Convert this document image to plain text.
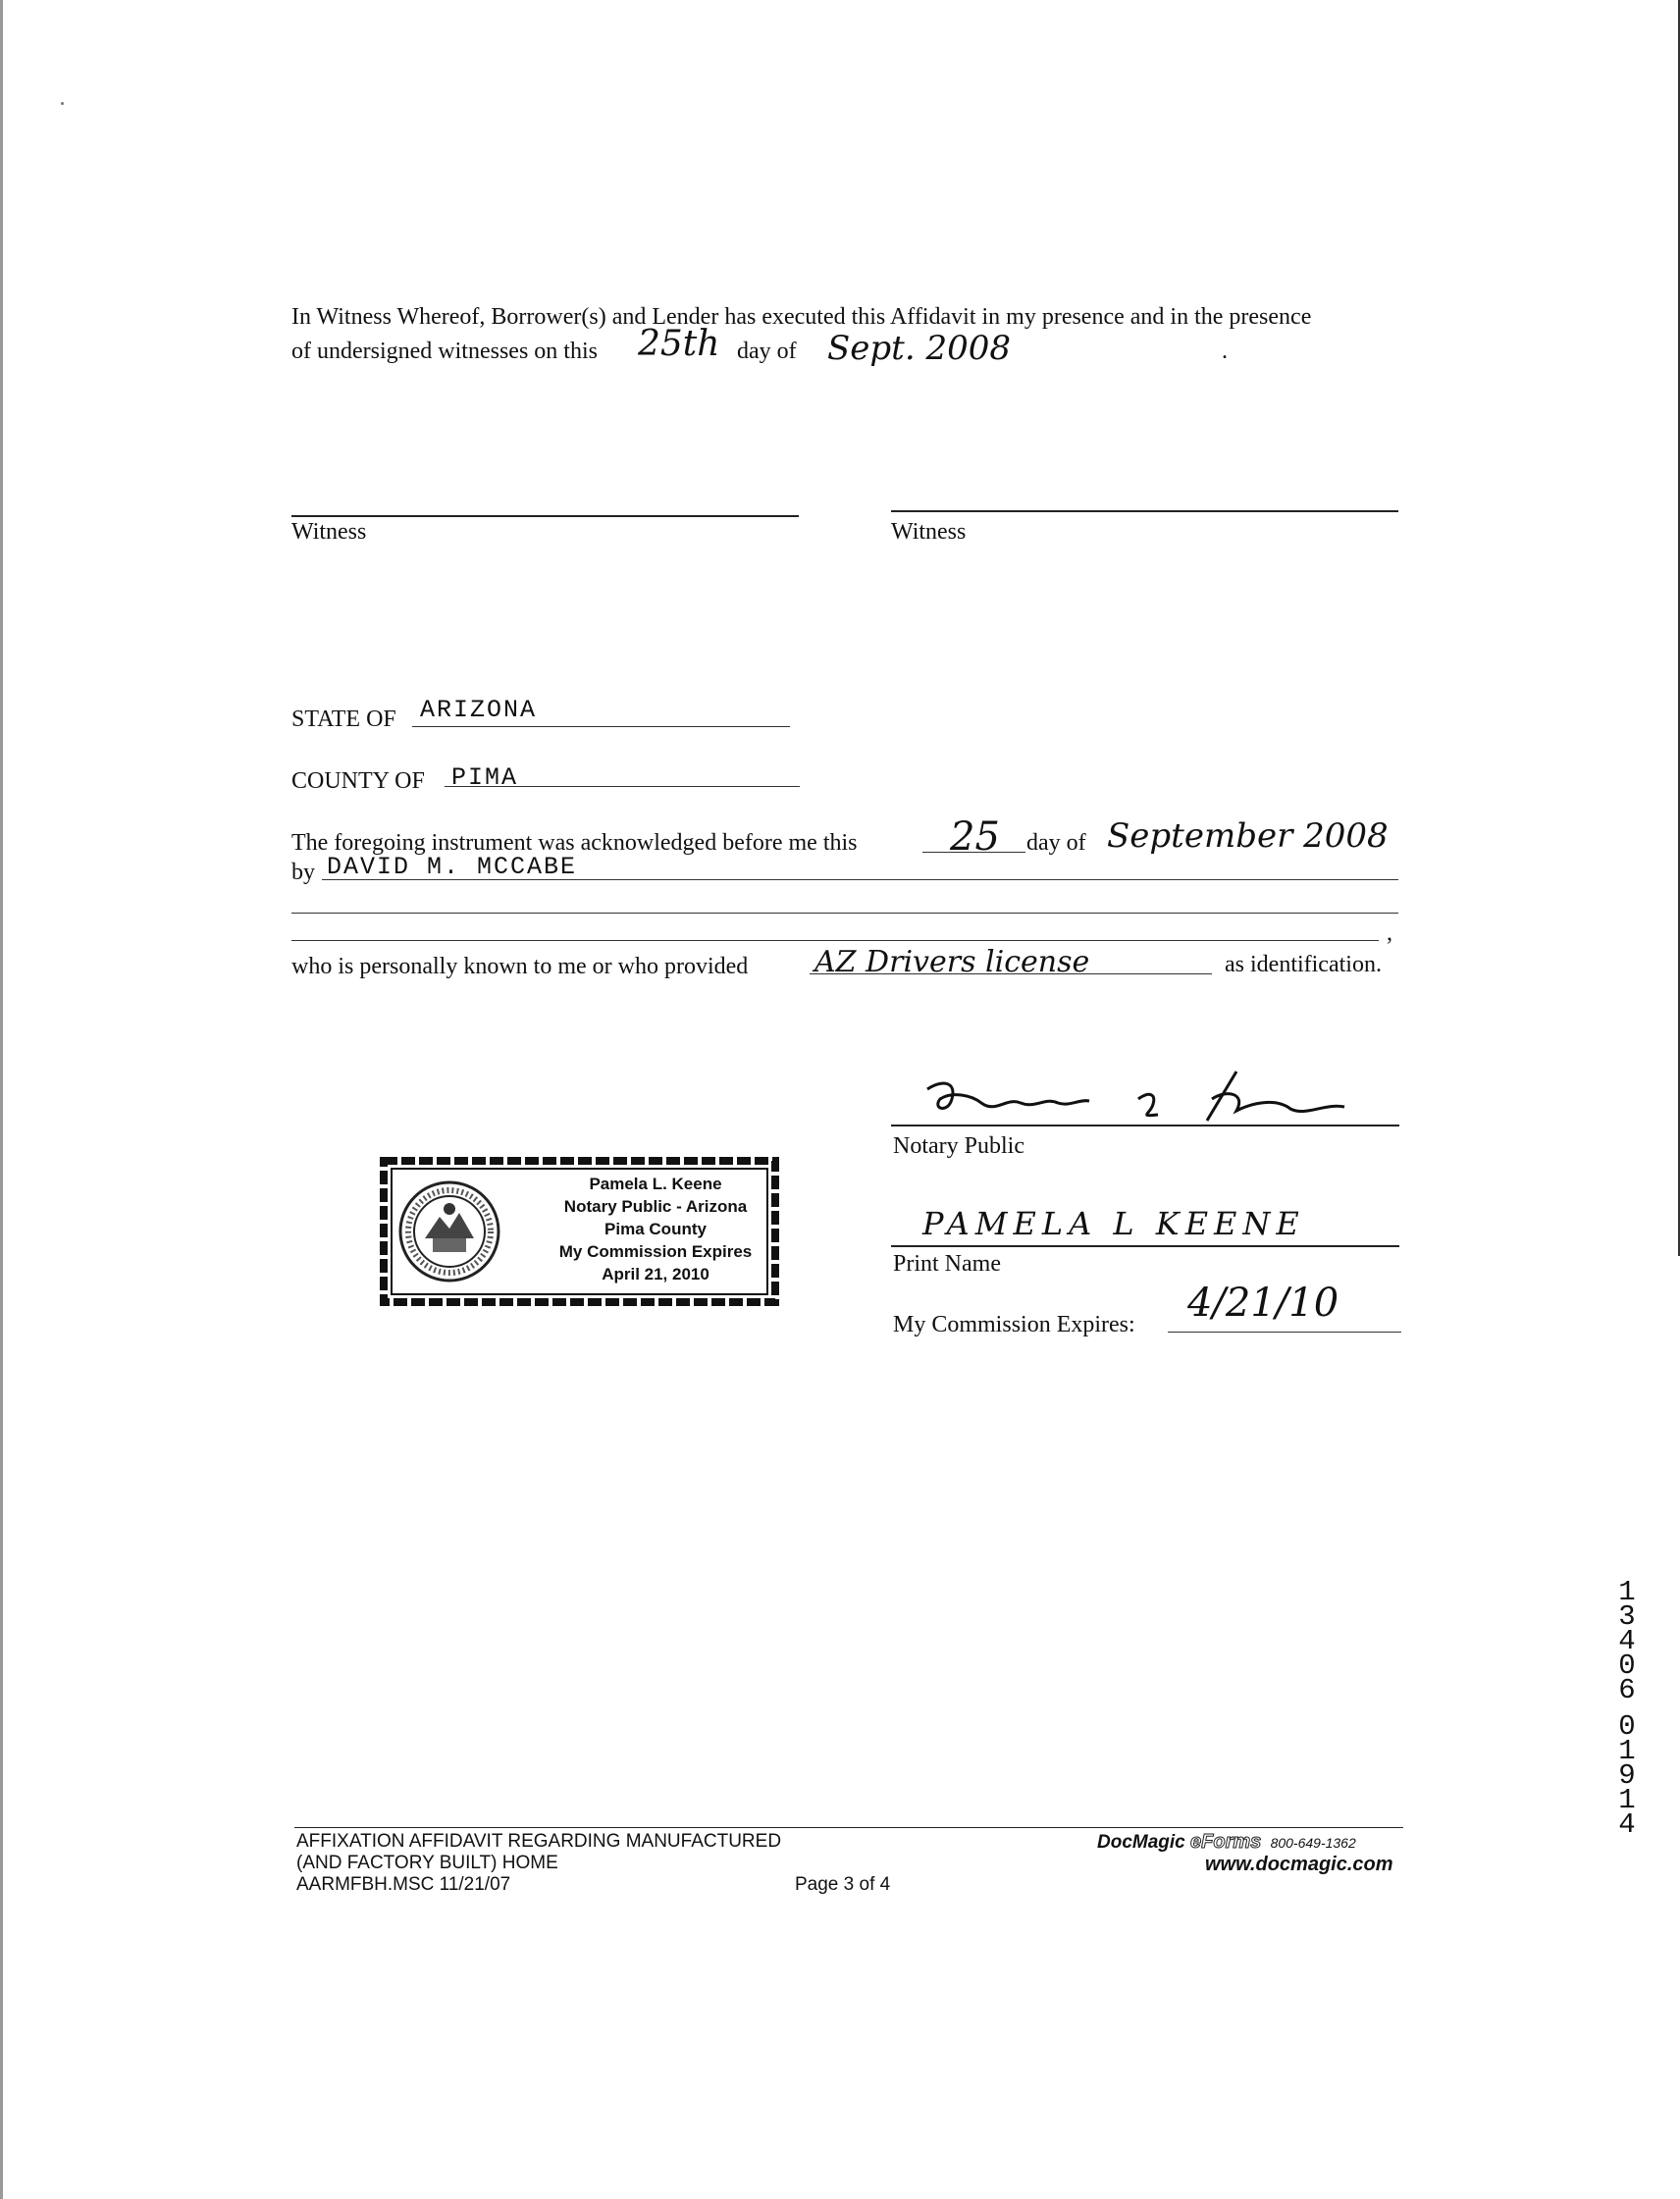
In Witness Whereof, Borrower(s) and Lender has executed this Affidavit in my presence and in the presence
of undersigned witnesses on this 25th day of Sept. 2008	.
Witness	Witness
STATE OF ARIZONA
COUNTY OF PIMA
The foregoing instrument was acknowledged before me this 25 day of September 2008
by DAVID M. MCCABE
,
who is personally known to me or who provided AZ Drivers license	as identification.
Notary Public
PAMELA L KEENE
Print Name
My Commission Expires: 4/21/10
Pamela L. Keene
Notary Public - Arizona
Pima County
My Commission Expires
April 21, 2010
1
3
4
0
6
0
1
9
1
4
AFFIXATION AFFIDAVIT REGARDING MANUFACTURED
(AND FACTORY BUILT) HOME
AARMFBH.MSC 11/21/07	Page 3 of 4
DocMagic eForms 800-649-1362
www.docmagic.com
